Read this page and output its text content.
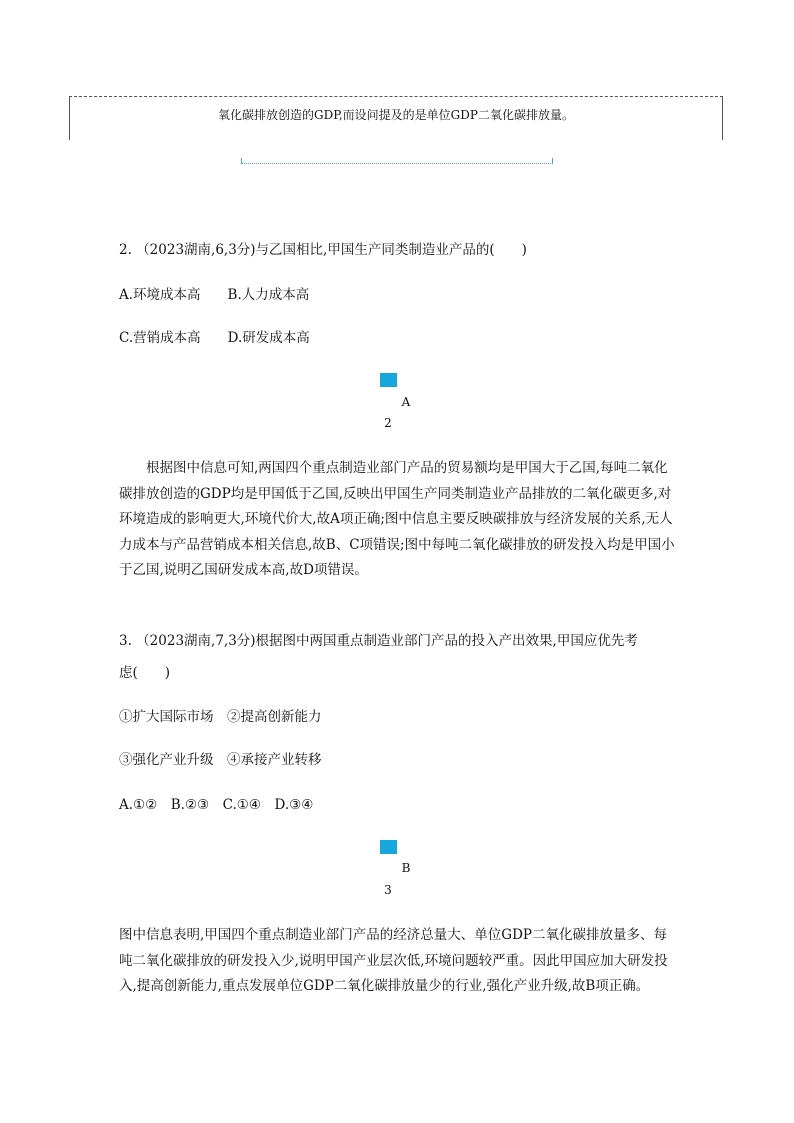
氧化碳排放创造的GDP,而设问提及的是单位GDP二氧化碳排放量。
2. （2023湖南,6,3分)与乙国相比,甲国生产同类制造业产品的(　　)
A.环境成本高　　B.人力成本高
C.营销成本高　　D.研发成本高
A
2
根据图中信息可知,两国四个重点制造业部门产品的贸易额均是甲国大于乙国,每吨二氧化碳排放创造的GDP均是甲国低于乙国,反映出甲国生产同类制造业产品排放的二氧化碳更多,对环境造成的影响更大,环境代价大,故A项正确;图中信息主要反映碳排放与经济发展的关系,无人力成本与产品营销成本相关信息,故B、C项错误;图中每吨二氧化碳排放的研发投入均是甲国小于乙国,说明乙国研发成本高,故D项错误。
3. （2023湖南,7,3分)根据图中两国重点制造业部门产品的投入产出效果,甲国应优先考
虑(　　)
①扩大国际市场　②提高创新能力
③强化产业升级　④承接产业转移
A.①②　B.②③　C.①④　D.③④
B
3
图中信息表明,甲国四个重点制造业部门产品的经济总量大、单位GDP二氧化碳排放量多、每吨二氧化碳排放的研发投入少,说明甲国产业层次低,环境问题较严重。因此甲国应加大研发投入,提高创新能力,重点发展单位GDP二氧化碳排放量少的行业,强化产业升级,故B项正确。
